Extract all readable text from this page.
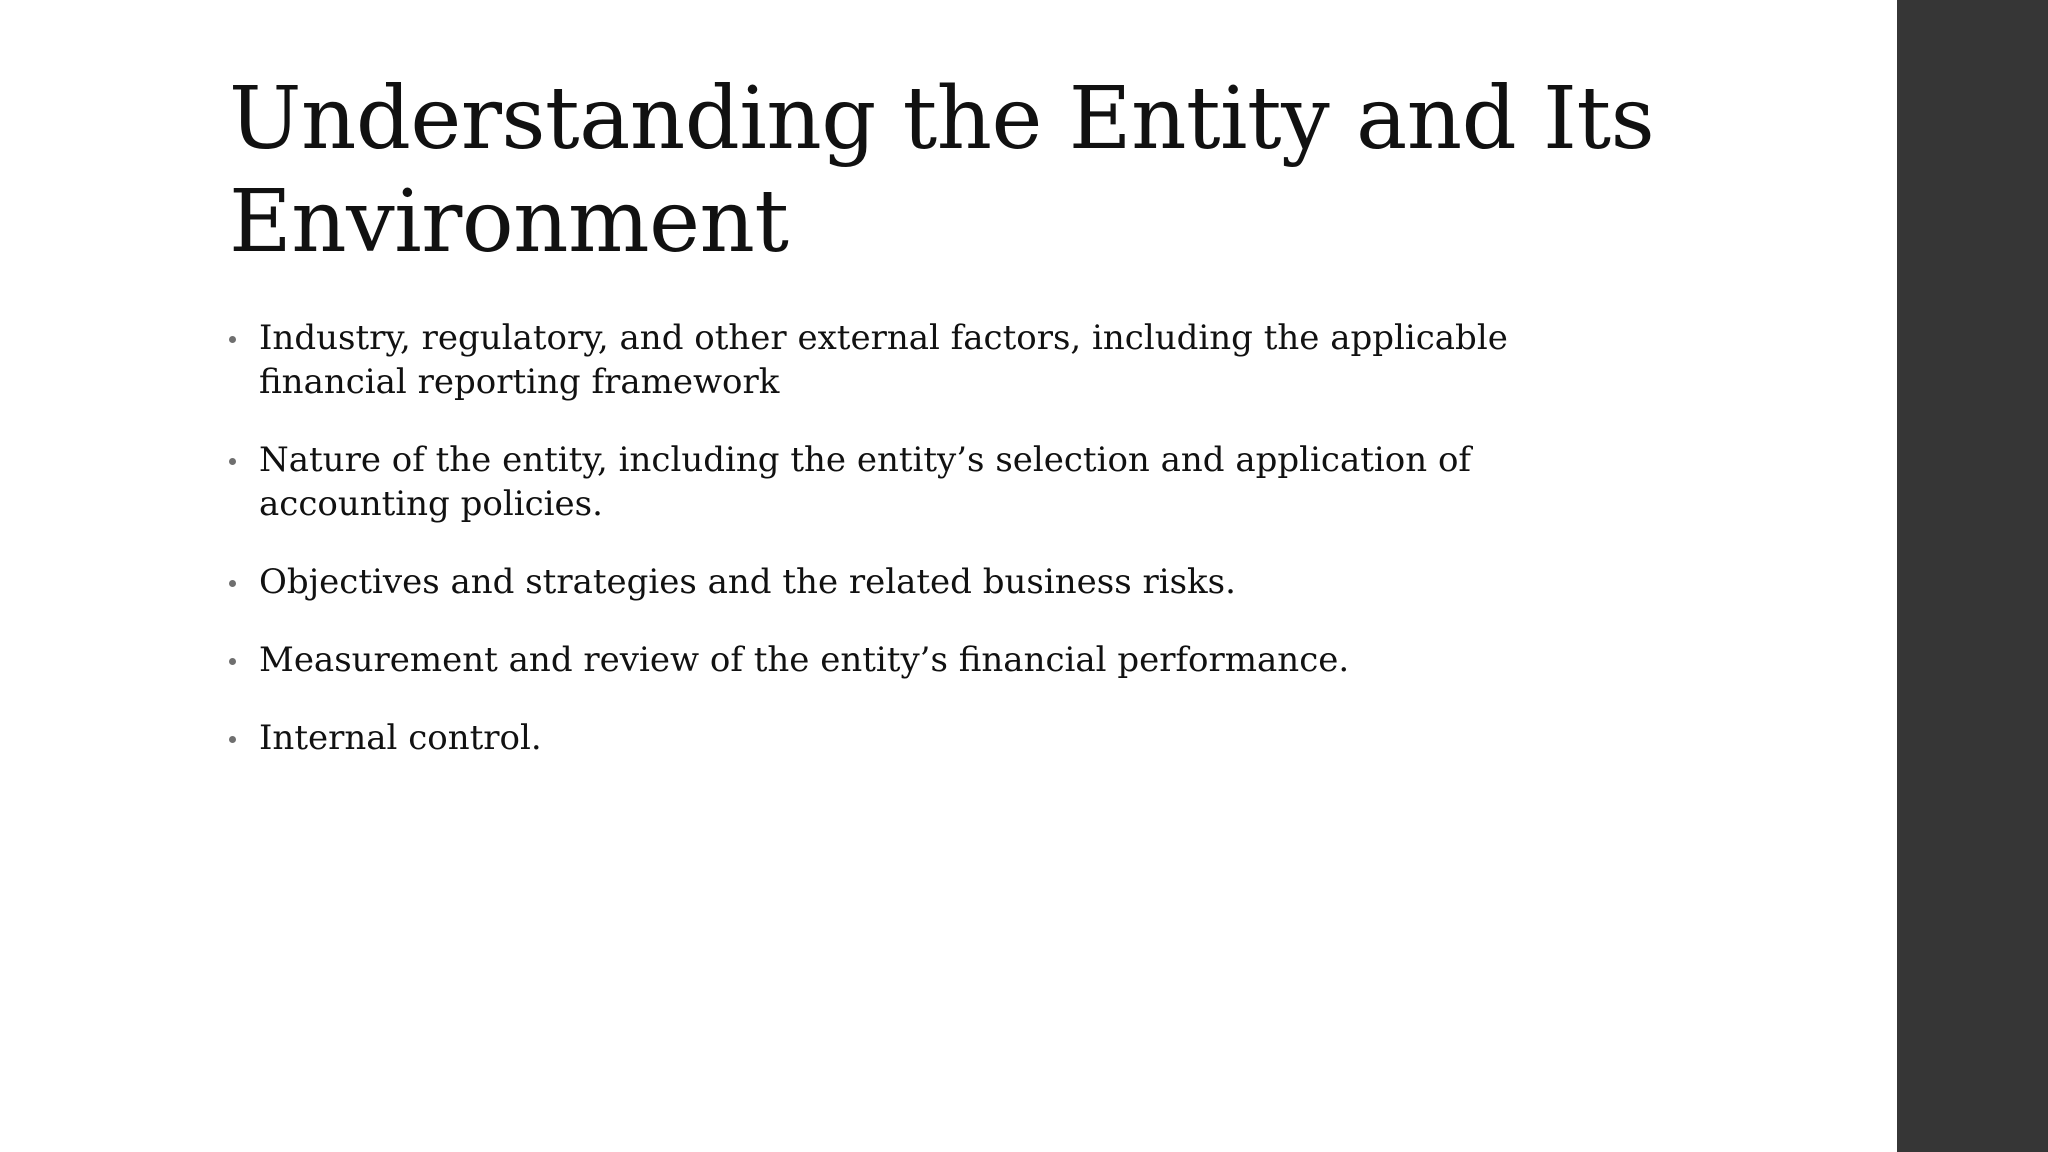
Understanding the Entity and Its Environment
Industry, regulatory, and other external factors, including the applicable financial reporting framework
Nature of the entity, including the entity’s selection and application of accounting policies.
Objectives and strategies and the related business risks.
Measurement and review of the entity’s financial performance.
Internal control.
